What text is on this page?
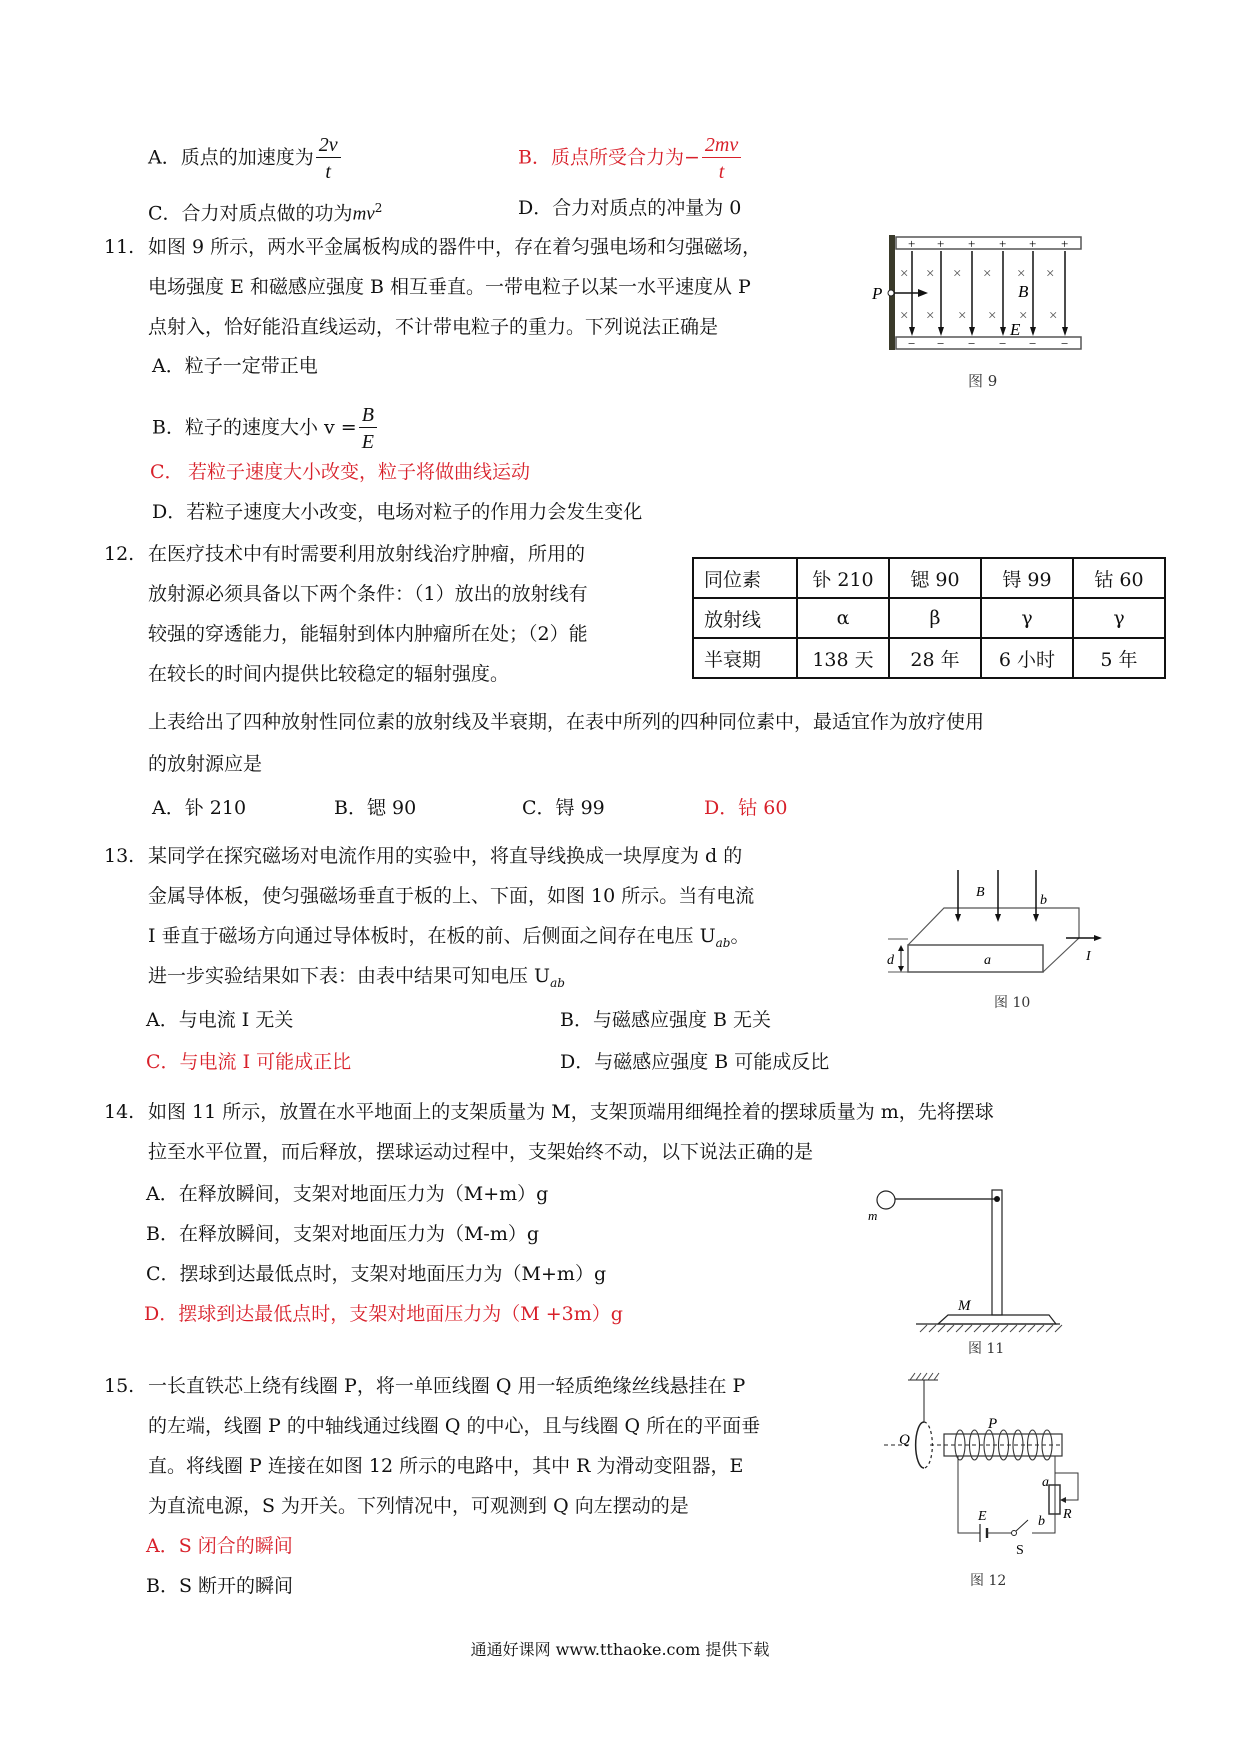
A．质点的加速度为 $\frac{2v}{t}$	B．质点所受合力为− $\frac{2mv}{t}$
C．合力对质点做的功为$mv^2$	D．合力对质点的冲量为 0
11. 如图 9 所示，两水平金属板构成的器件中，存在着匀强电场和匀强磁场，
电场强度 E 和磁感应强度 B 相互垂直。一带电粒子以某一水平速度从 P
点射入，恰好能沿直线运动，不计带电粒子的重力。下列说法正确是
A．粒子一定带正电
B．粒子的速度大小 $v = \frac{B}{E}$
C． 若粒子速度大小改变，粒子将做曲线运动
D．若粒子速度大小改变，电场对粒子的作用力会发生变化
+
−
+
−
+
−
+
−
+
−
+
−
× × × × × ×
× × × × × ×
P	B
E
图 9
12. 在医疗技术中有时需要利用放射线治疗肿瘤，所用的
放射源必须具备以下两个条件：（1）放出的放射线有
较强的穿透能力，能辐射到体内肿瘤所在处；（2）能
在较长的时间内提供比较稳定的辐射强度。
上表给出了四种放射性同位素的放射线及半衰期，在表中所列的四种同位素中，最适宜作为放疗使用
的放射源应是
同位素	钋 210	锶 90	锝 99	钴 60
放射线	α	β	γ	γ
半衰期	138 天	28 年	6 小时	5 年
A．钋 210	B．锶 90	C．锝 99	D．钴 60
13. 某同学在探究磁场对电流作用的实验中，将直导线换成一块厚度为 d 的
金属导体板，使匀强磁场垂直于板的上、下面，如图 10 所示。当有电流
I 垂直于磁场方向通过导体板时，在板的前、后侧面之间存在电压 $U_{ab}$。
进一步实验结果如下表：由表中结果可知电压 $U_{ab}$
A．与电流 I 无关	B．与磁感应强度 B 无关
C．与电流 I 可能成正比	D．与磁感应强度 B 可能成反比
B
b
a
d	I
图 10
14. 如图 11 所示，放置在水平地面上的支架质量为 M，支架顶端用细绳拴着的摆球质量为 m，先将摆球
拉至水平位置，而后释放，摆球运动过程中，支架始终不动，以下说法正确的是
A．在释放瞬间，支架对地面压力为（M+m）g
B．在释放瞬间，支架对地面压力为（M-m）g
C．摆球到达最低点时，支架对地面压力为（M+m）g
D．摆球到达最低点时，支架对地面压力为（M +3m）g
m
M
图 11
15. 一长直铁芯上绕有线圈 P，将一单匝线圈 Q 用一轻质绝缘丝线悬挂在 P
的左端，线圈 P 的中轴线通过线圈 Q 的中心，且与线圈 Q 所在的平面垂
直。将线圈 P 连接在如图 12 所示的电路中，其中 R 为滑动变阻器，E
为直流电源，S 为开关。下列情况中，可观测到 Q 向左摆动的是
A．S 闭合的瞬间
B．S 断开的瞬间
Q
P
a
b R
E
S
图 12
通通好课网 www.tthaoke.com 提供下载
